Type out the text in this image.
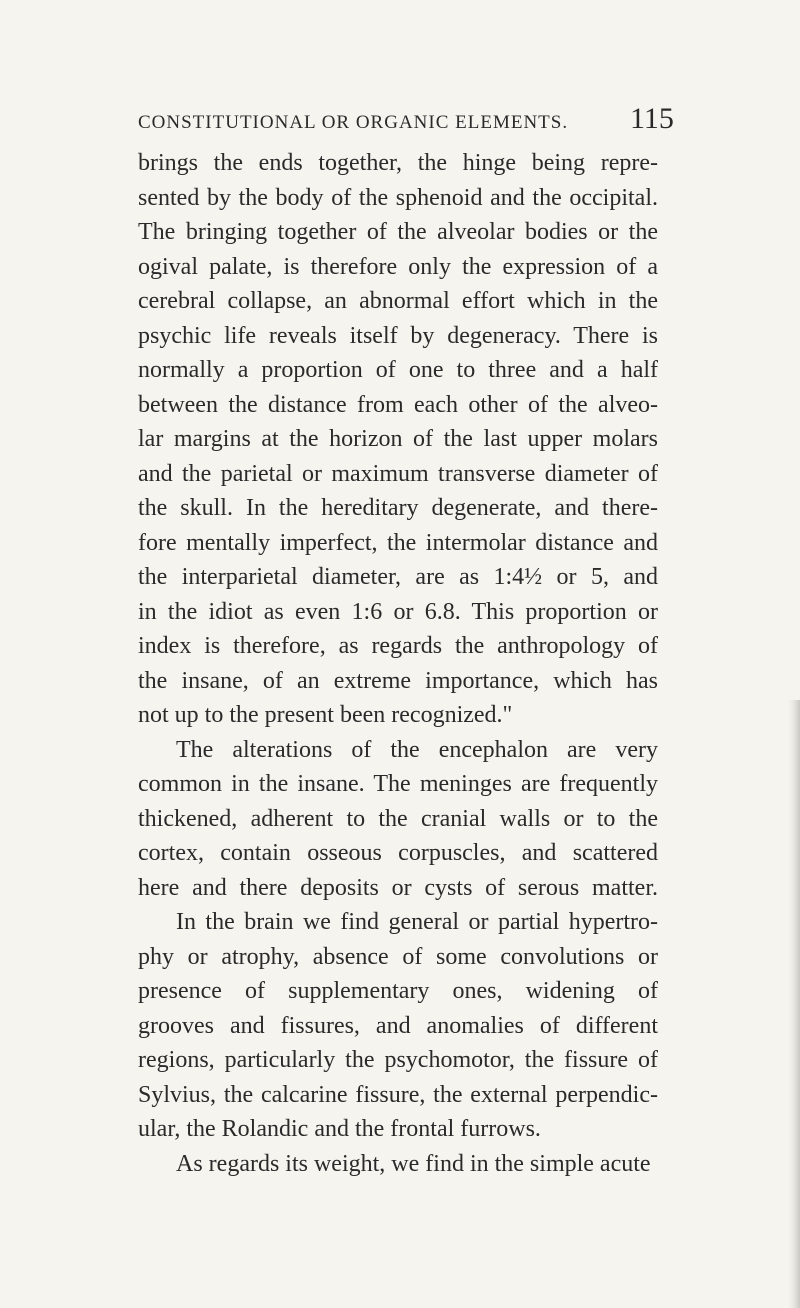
CONSTITUTIONAL OR ORGANIC ELEMENTS.	115
brings the ends together, the hinge being repre-
sented by the body of the sphenoid and the occipital.
The bringing together of the alveolar bodies or the
ogival palate, is therefore only the expression of a
cerebral collapse, an abnormal effort which in the
psychic life reveals itself by degeneracy. There is
normally a proportion of one to three and a half
between the distance from each other of the alveo-
lar margins at the horizon of the last upper molars
and the parietal or maximum transverse diameter of
the skull. In the hereditary degenerate, and there-
fore mentally imperfect, the intermolar distance and
the interparietal diameter, are as 1:4½ or 5, and
in the idiot as even 1:6 or 6.8. This proportion or
index is therefore, as regards the anthropology of
the insane, of an extreme importance, which has
not up to the present been recognized."
The alterations of the encephalon are very
common in the insane. The meninges are frequently
thickened, adherent to the cranial walls or to the
cortex, contain osseous corpuscles, and scattered
here and there deposits or cysts of serous matter.
In the brain we find general or partial hypertro-
phy or atrophy, absence of some convolutions or
presence of supplementary ones, widening of
grooves and fissures, and anomalies of different
regions, particularly the psychomotor, the fissure of
Sylvius, the calcarine fissure, the external perpendic-
ular, the Rolandic and the frontal furrows.
As regards its weight, we find in the simple acute
